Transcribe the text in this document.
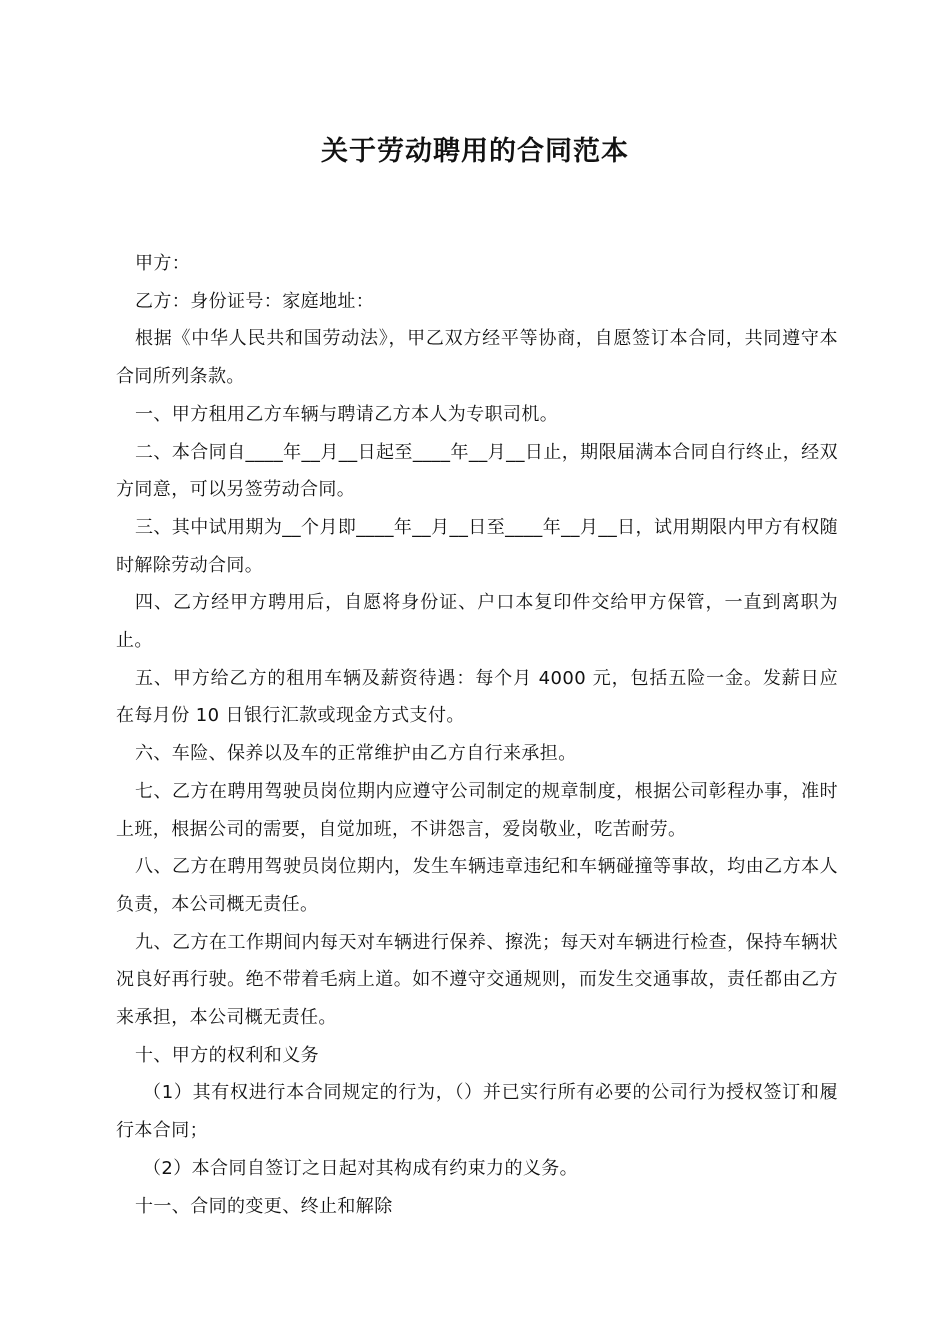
关于劳动聘用的合同范本

甲方：

乙方：身份证号：家庭地址：

根据《中华人民共和国劳动法》，甲乙双方经平等协商，自愿签订本合同，共同遵守本合同所列条款。

一、甲方租用乙方车辆与聘请乙方本人为专职司机。

二、本合同自____年__月__日起至____年__月__日止，期限届满本合同自行终止，经双方同意，可以另签劳动合同。

三、其中试用期为__个月即____年__月__日至____年__月__日，试用期限内甲方有权随时解除劳动合同。

四、乙方经甲方聘用后，自愿将身份证、户口本复印件交给甲方保管，一直到离职为止。

五、甲方给乙方的租用车辆及薪资待遇：每个月 4000 元，包括五险一金。发薪日应在每月份 10 日银行汇款或现金方式支付。

六、车险、保养以及车的正常维护由乙方自行来承担。

七、乙方在聘用驾驶员岗位期内应遵守公司制定的规章制度，根据公司彰程办事，准时上班，根据公司的需要，自觉加班，不讲怨言，爱岗敬业，吃苦耐劳。

八、乙方在聘用驾驶员岗位期内，发生车辆违章违纪和车辆碰撞等事故，均由乙方本人负责，本公司概无责任。

九、乙方在工作期间内每天对车辆进行保养、擦洗；每天对车辆进行检查，保持车辆状况良好再行驶。绝不带着毛病上道。如不遵守交通规则，而发生交通事故，责任都由乙方来承担，本公司概无责任。

十、甲方的权利和义务

（1）其有权进行本合同规定的行为，（）并已实行所有必要的公司行为授权签订和履行本合同；

（2）本合同自签订之日起对其构成有约束力的义务。

十一、合同的变更、终止和解除
